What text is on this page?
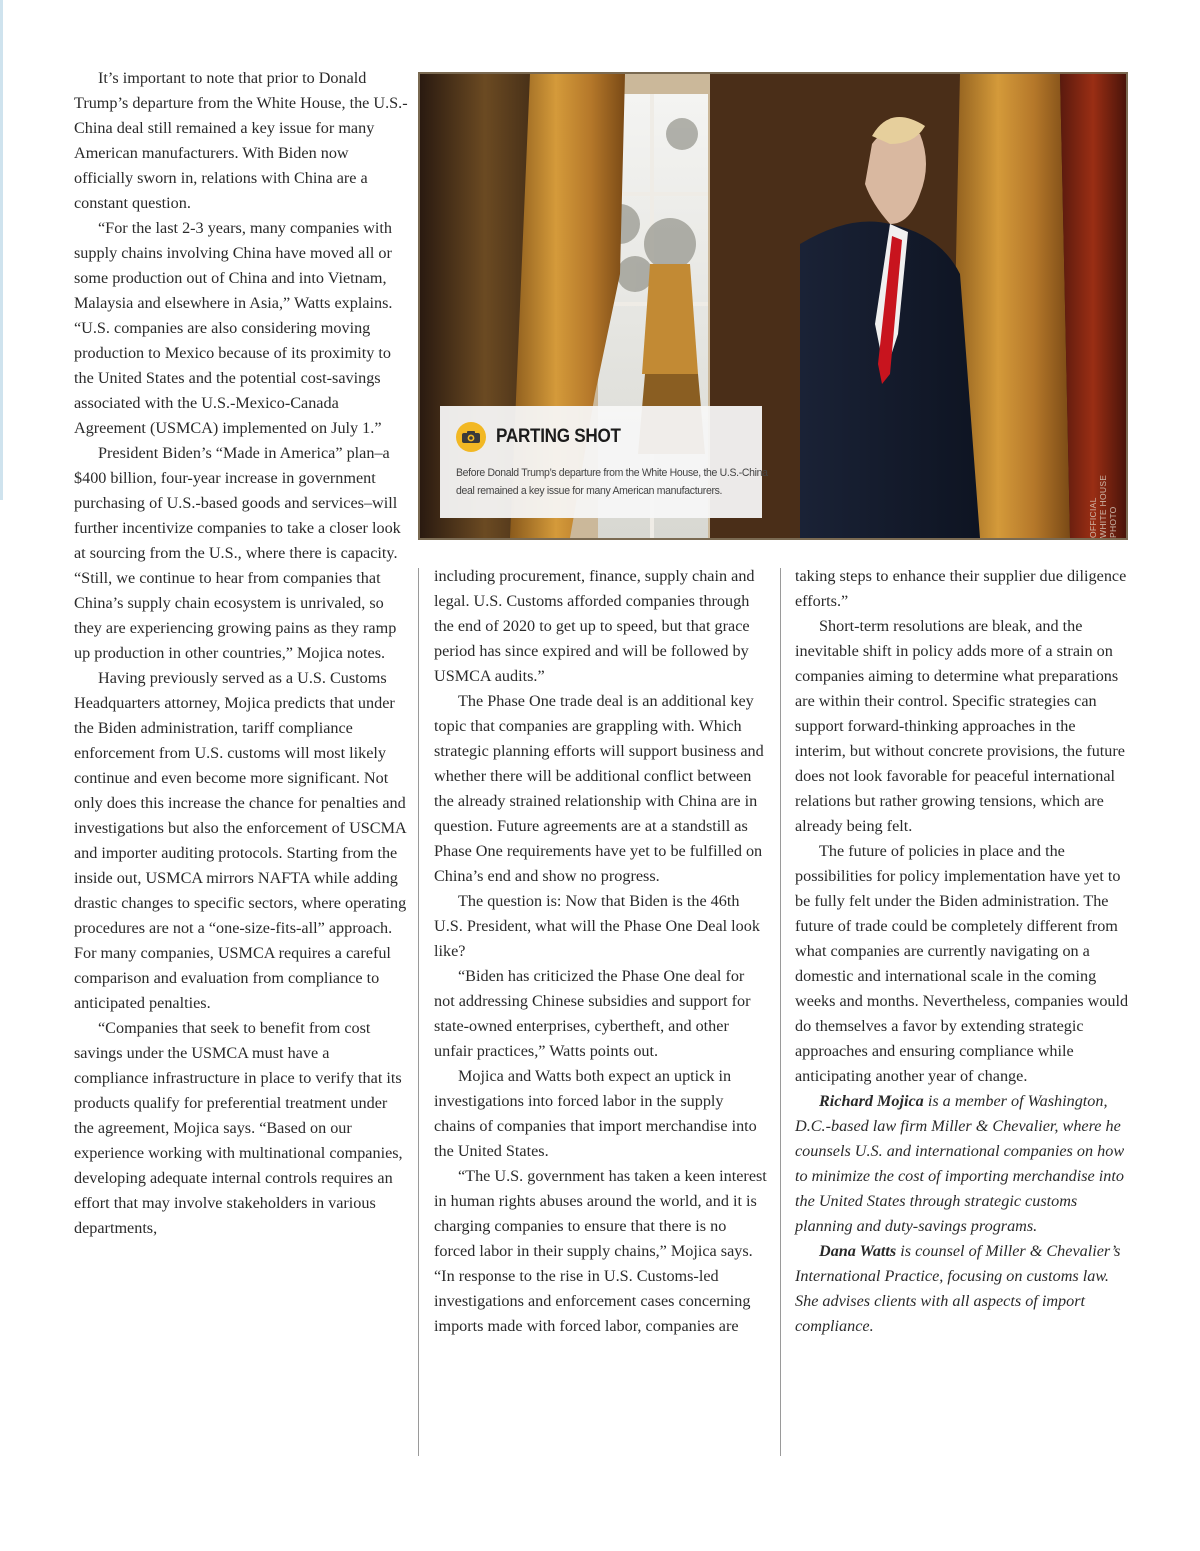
It’s important to note that prior to Donald Trump’s departure from the White House, the U.S.-China deal still remained a key issue for many American manufacturers. With Biden now officially sworn in, relations with China are a constant question.

“For the last 2-3 years, many companies with supply chains involving China have moved all or some production out of China and into Vietnam, Malaysia and elsewhere in Asia,” Watts explains. “U.S. companies are also considering moving production to Mexico because of its proximity to the United States and the potential cost-savings associated with the U.S.-Mexico-Canada Agreement (USMCA) implemented on July 1.”

President Biden’s “Made in America” plan–a $400 billion, four-year increase in government purchasing of U.S.-based goods and services–will further incentivize companies to take a closer look at sourcing from the U.S., where there is capacity. “Still, we continue to hear from companies that China’s supply chain ecosystem is unrivaled, so they are experiencing growing pains as they ramp up production in other countries,” Mojica notes.

Having previously served as a U.S. Customs Headquarters attorney, Mojica predicts that under the Biden administration, tariff compliance enforcement from U.S. customs will most likely continue and even become more significant. Not only does this increase the chance for penalties and investigations but also the enforcement of USCMA and importer auditing protocols. Starting from the inside out, USMCA mirrors NAFTA while adding drastic changes to specific sectors, where operating procedures are not a “one-size-fits-all” approach. For many companies, USMCA requires a careful comparison and evaluation from compliance to anticipated penalties.

“Companies that seek to benefit from cost savings under the USMCA must have a compliance infrastructure in place to verify that its products qualify for preferential treatment under the agreement, Mojica says. “Based on our experience working with multinational companies, developing adequate internal controls requires an effort that may involve stakeholders in various departments,

OFFICIAL WHITE HOUSE PHOTO
PARTING SHOT
Before Donald Trump’s departure from the White House, the U.S.-China deal remained a key issue for many American manufacturers.

including procurement, finance, supply chain and legal. U.S. Customs afforded companies through the end of 2020 to get up to speed, but that grace period has since expired and will be followed by USMCA audits.”

The Phase One trade deal is an additional key topic that companies are grappling with. Which strategic planning efforts will support business and whether there will be additional conflict between the already strained relationship with China are in question. Future agreements are at a standstill as Phase One requirements have yet to be fulfilled on China’s end and show no progress.

The question is: Now that Biden is the 46th U.S. President, what will the Phase One Deal look like?

“Biden has criticized the Phase One deal for not addressing Chinese subsidies and support for state-owned enterprises, cybertheft, and other unfair practices,” Watts points out.

Mojica and Watts both expect an uptick in investigations into forced labor in the supply chains of companies that import merchandise into the United States.

“The U.S. government has taken a keen interest in human rights abuses around the world, and it is charging companies to ensure that there is no forced labor in their supply chains,” Mojica says. “In response to the rise in U.S. Customs-led investigations and enforcement cases concerning imports made with forced labor, companies are

taking steps to enhance their supplier due diligence efforts.”

Short-term resolutions are bleak, and the inevitable shift in policy adds more of a strain on companies aiming to determine what preparations are within their control. Specific strategies can support forward-thinking approaches in the interim, but without concrete provisions, the future does not look favorable for peaceful international relations but rather growing tensions, which are already being felt.

The future of policies in place and the possibilities for policy implementation have yet to be fully felt under the Biden administration. The future of trade could be completely different from what companies are currently navigating on a domestic and international scale in the coming weeks and months. Nevertheless, companies would do themselves a favor by extending strategic approaches and ensuring compliance while anticipating another year of change.

Richard Mojica is a member of Washington, D.C.-based law firm Miller & Chevalier, where he counsels U.S. and international companies on how to minimize the cost of importing merchandise into the United States through strategic customs planning and duty-savings programs.

Dana Watts is counsel of Miller & Chevalier’s International Practice, focusing on customs law. She advises clients with all aspects of import compliance.
